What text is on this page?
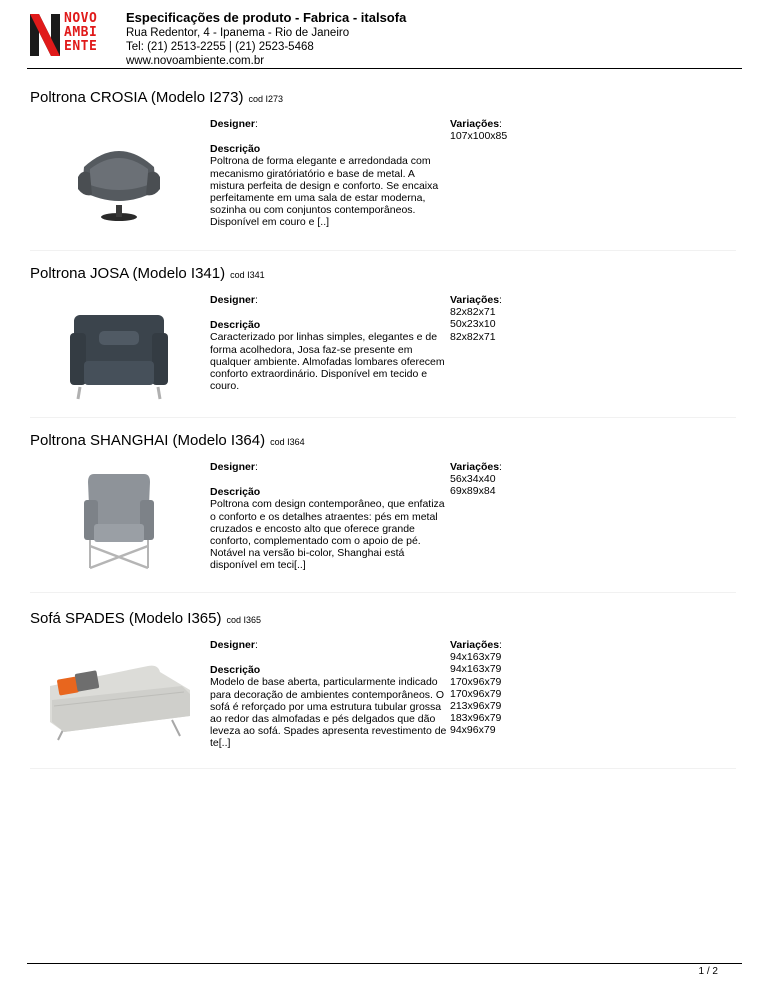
NOVO
AMBI
ENTE
Especificações de produto - Fabrica - italsofa
Rua Redentor, 4 - Ipanema - Rio de Janeiro
Tel: (21) 2513-2255 | (21) 2523-5468
www.novoambiente.com.br
Poltrona CROSIA (Modelo I273) cod I273
Designer:
Descrição
Poltrona de forma elegante e arredondada com mecanismo giratóriatório e base de metal. A mistura perfeita de design e conforto. Se encaixa perfeitamente em uma sala de estar moderna, sozinha ou com conjuntos contemporâneos. Disponível em couro e [..]
Variações:
107x100x85
Poltrona JOSA (Modelo I341) cod I341
Designer:
Descrição
Caracterizado por linhas simples, elegantes e de forma acolhedora, Josa faz-se presente em qualquer ambiente. Almofadas lombares oferecem conforto extraordinário. Disponível em tecido e couro.
Variações:
82x82x71
50x23x10
82x82x71
Poltrona SHANGHAI (Modelo I364) cod I364
Designer:
Descrição
Poltrona com design contemporâneo, que enfatiza o conforto e os detalhes atraentes: pés em metal cruzados e encosto alto que oferece grande conforto, complementado com o apoio de pé. Notável na versão bi-color, Shanghai está disponível em teci[..]
Variações:
56x34x40
69x89x84
Sofá SPADES (Modelo I365) cod I365
Designer:
Descrição
Modelo de base aberta, particularmente indicado para decoração de ambientes contemporâneos. O sofá é reforçado por uma estrutura tubular grossa ao redor das almofadas e pés delgados que dão leveza ao sofá. Spades apresenta revestimento de te[..]
Variações:
94x163x79
94x163x79
170x96x79
170x96x79
213x96x79
183x96x79
94x96x79
1 / 2
